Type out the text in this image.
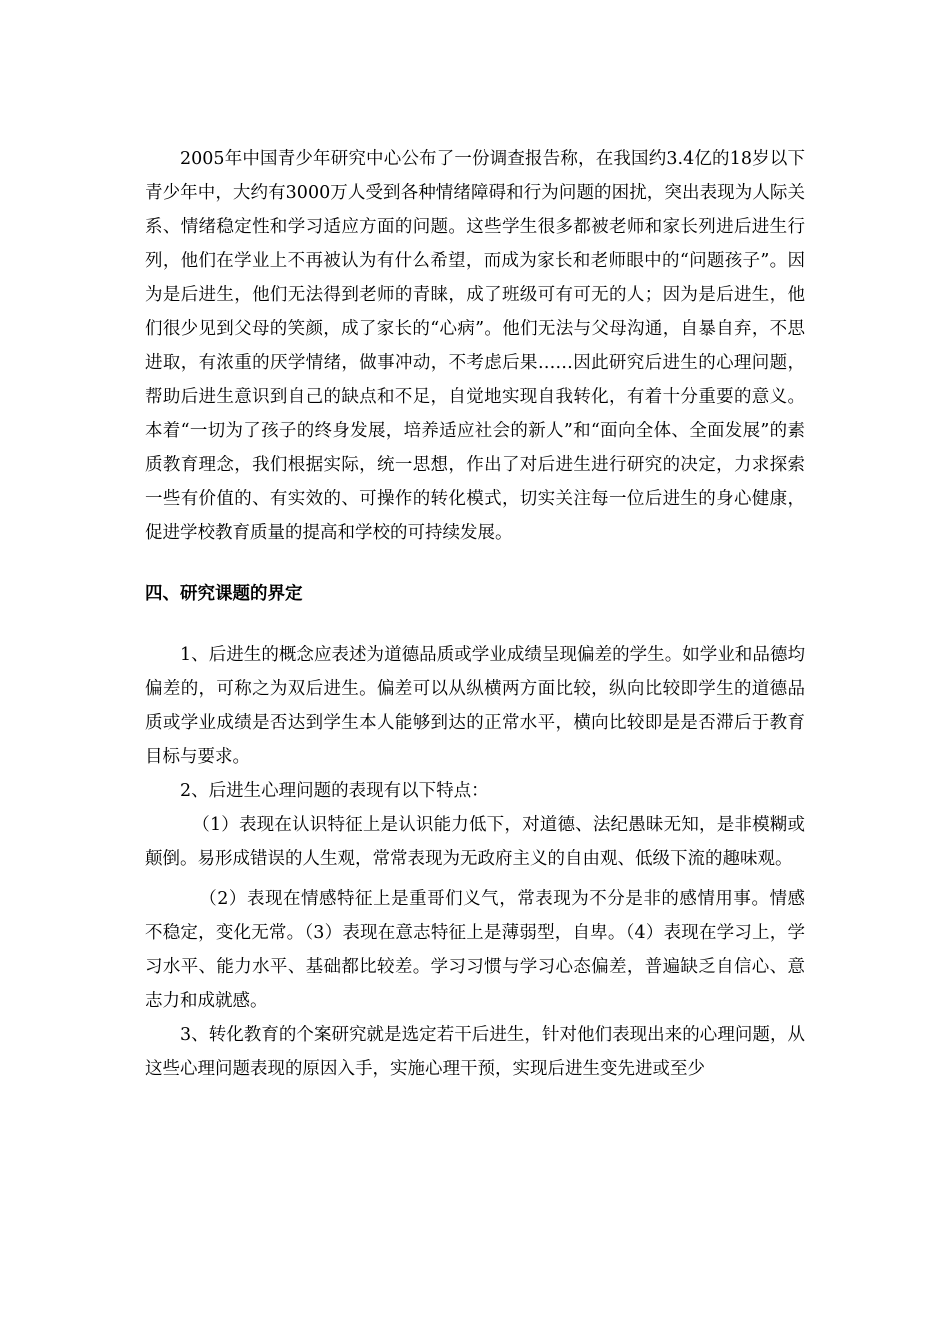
2005年中国青少年研究中心公布了一份调查报告称，在我国约3.4亿的18岁以下青少年中，大约有3000万人受到各种情绪障碍和行为问题的困扰，突出表现为人际关系、情绪稳定性和学习适应方面的问题。这些学生很多都被老师和家长列进后进生行列，他们在学业上不再被认为有什么希望，而成为家长和老师眼中的“问题孩子”。因为是后进生，他们无法得到老师的青睐，成了班级可有可无的人；因为是后进生，他们很少见到父母的笑颜，成了家长的“心病”。他们无法与父母沟通，自暴自弃，不思进取，有浓重的厌学情绪，做事冲动，不考虑后果……因此研究后进生的心理问题，帮助后进生意识到自己的缺点和不足，自觉地实现自我转化，有着十分重要的意义。 本着“一切为了孩子的终身发展，培养适应社会的新人”和“面向全体、全面发展”的素质教育理念，我们根据实际，统一思想，作出了对后进生进行研究的决定，力求探索一些有价值的、有实效的、可操作的转化模式，切实关注每一位后进生的身心健康，促进学校教育质量的提高和学校的可持续发展。

四、研究课题的界定

1、后进生的概念应表述为道德品质或学业成绩呈现偏差的学生。如学业和品德均偏差的，可称之为双后进生。偏差可以从纵横两方面比较，纵向比较即学生的道德品质或学业成绩是否达到学生本人能够到达的正常水平，横向比较即是是否滞后于教育目标与要求。

2、后进生心理问题的表现有以下特点：

（1）表现在认识特征上是认识能力低下，对道德、法纪愚昧无知，是非模糊或颠倒。易形成错误的人生观，常常表现为无政府主义的自由观、低级下流的趣味观。

（2）表现在情感特征上是重哥们义气，常表现为不分是非的感情用事。情感不稳定，变化无常。（3）表现在意志特征上是薄弱型，自卑。（4）表现在学习上，学习水平、能力水平、基础都比较差。学习习惯与学习心态偏差，普遍缺乏自信心、意志力和成就感。

3、转化教育的个案研究就是选定若干后进生，针对他们表现出来的心理问题，从这些心理问题表现的原因入手，实施心理干预，实现后进生变先进或至少
